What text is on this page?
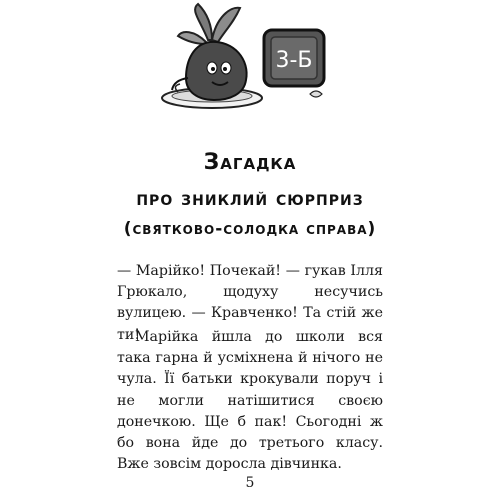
3-Б
Загадка
про зниклий сюрприз
(святково-солодка справа)

— Марійко! Почекай! — гукав Ілля Грюкало, щодуху несучись вулицею. — Кравченко! Та стій же ти!

Марійка йшла до школи вся така гарна й усміхнена й нічого не чула. Її батьки крокували поруч і не могли натішитися своєю донечкою. Ще б пак! Сьогодні ж бо вона йде до третього класу. Вже зовсім доросла дівчинка.

5
